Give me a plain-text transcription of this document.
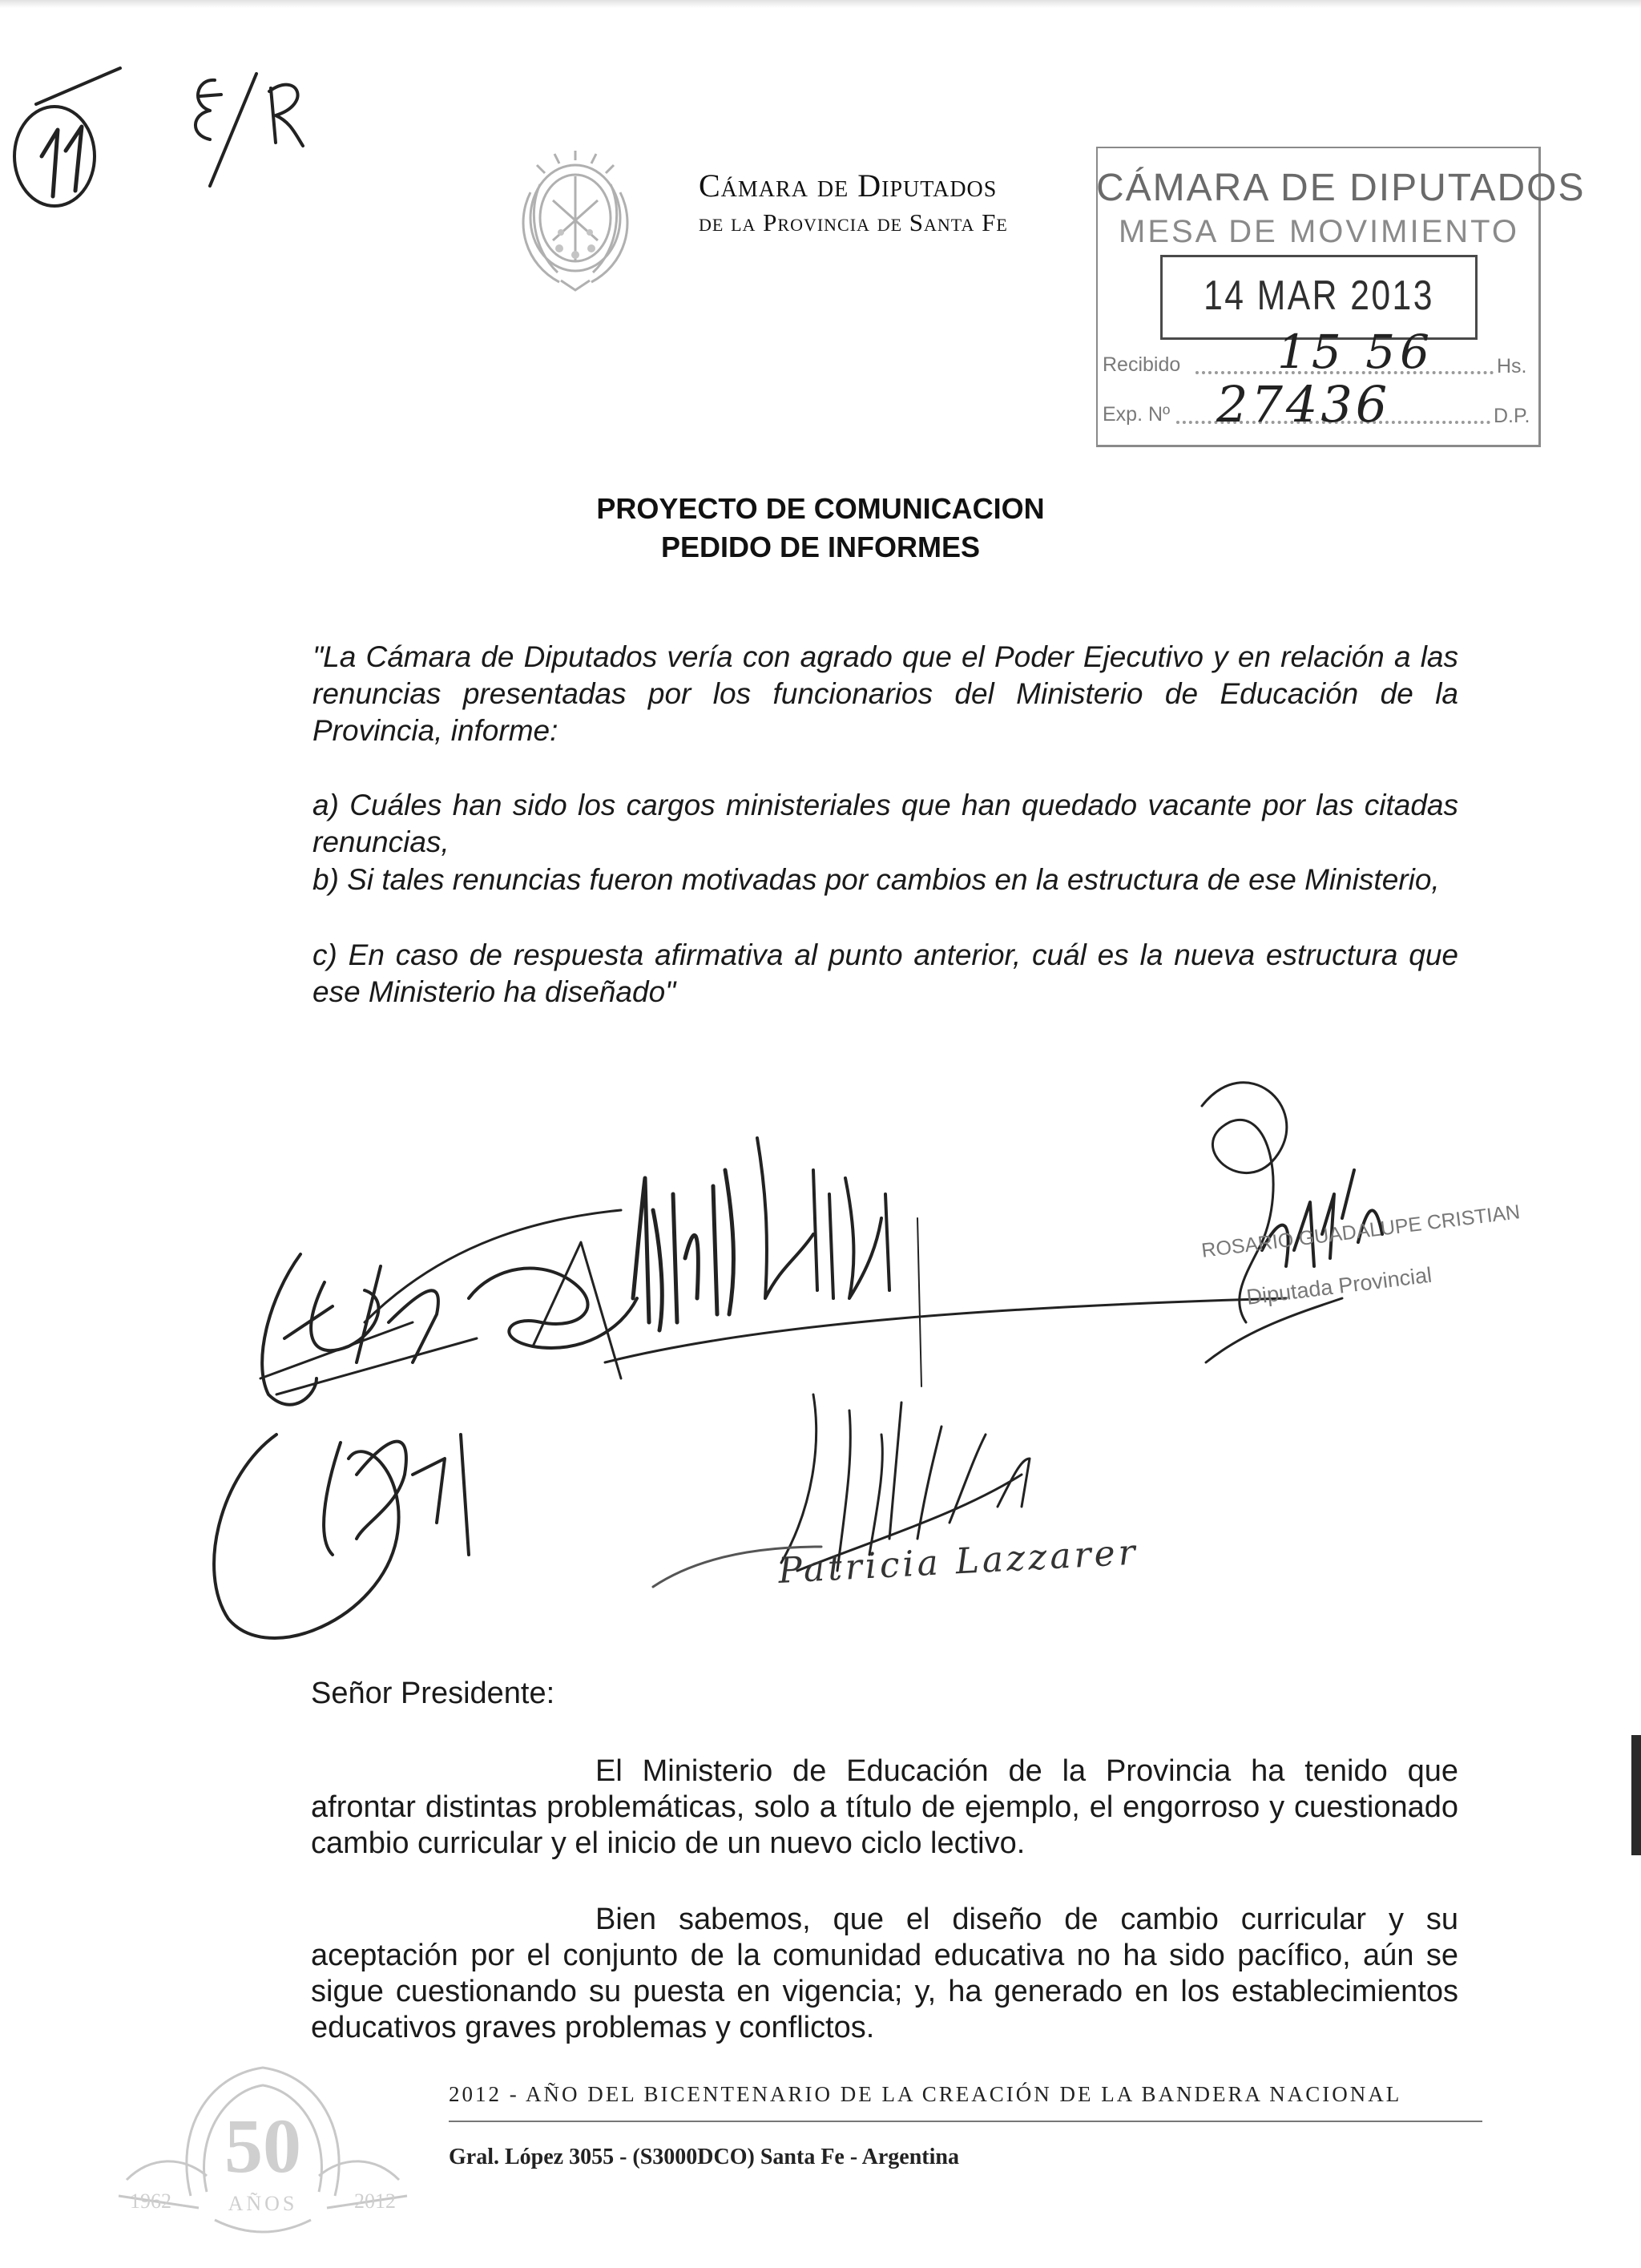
Cámara de Diputados
de la Provincia de Santa Fe
CÁMARA DE DIPUTADOS
MESA DE MOVIMIENTO
14 MAR 2013
Recibido	Hs.
15 56
Exp. Nº	D.P.
27436
PROYECTO DE COMUNICACION
PEDIDO DE INFORMES

"La Cámara de Diputados vería con agrado que el Poder Ejecutivo y en relación a las renuncias presentadas por los funcionarios del Ministerio de Educación de la Provincia, informe:

a) Cuáles han sido los cargos ministeriales que han quedado vacante por las citadas renuncias,

b) Si tales renuncias fueron motivadas por cambios en la estructura de ese Ministerio,

c) En caso de respuesta afirmativa al punto anterior, cuál es la nueva estructura que ese Ministerio ha diseñado"

ROSARIO GUADALUPE CRISTIAN
Diputada Provincial
Patricia Lazzarer
Señor Presidente:

El Ministerio de Educación de la Provincia ha tenido que afrontar distintas problemáticas, solo a título de ejemplo, el engorroso y cuestionado cambio curricular y el inicio de un nuevo ciclo lectivo.

Bien sabemos, que el diseño de cambio curricular y su aceptación por el conjunto de la comunidad educativa no ha sido pacífico, aún se sigue cuestionando su puesta en vigencia; y, ha generado en los establecimientos educativos graves problemas y conflictos.

50
AÑOS
1962	2012
2012 - AÑO DEL BICENTENARIO DE LA CREACIÓN DE LA BANDERA NACIONAL
Gral. López 3055 - (S3000DCO) Santa Fe - Argentina
